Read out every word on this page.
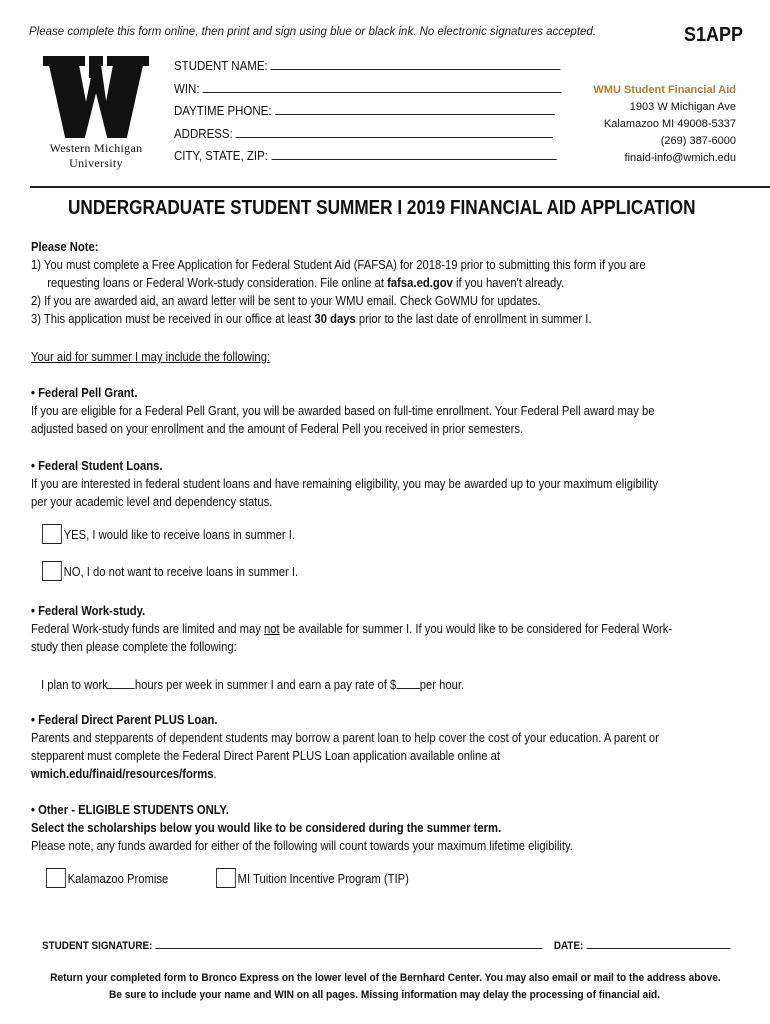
Please complete this form online, then print and sign using blue or black ink. No electronic signatures accepted.	S1APP
Western Michigan
University
STUDENT NAME:
WIN:
DAYTIME PHONE:
ADDRESS:
CITY, STATE, ZIP:
WMU Student Financial Aid
1903 W Michigan Ave
Kalamazoo MI 49008-5337
(269) 387-6000
finaid-info@wmich.edu
UNDERGRADUATE STUDENT SUMMER I 2019 FINANCIAL AID APPLICATION

Please Note:

1) You must complete a Free Application for Federal Student Aid (FAFSA) for 2018-19 prior to submitting this form if you are

requesting loans or Federal Work-study consideration. File online at fafsa.ed.gov if you haven't already.

2) If you are awarded aid, an award letter will be sent to your WMU email. Check GoWMU for updates.

3) This application must be received in our office at least 30 days prior to the last date of enrollment in summer I.

Your aid for summer I may include the following:

• Federal Pell Grant.

If you are eligible for a Federal Pell Grant, you will be awarded based on full-time enrollment. Your Federal Pell award may be

adjusted based on your enrollment and the amount of Federal Pell you received in prior semesters.

• Federal Student Loans.

If you are interested in federal student loans and have remaining eligibility, you may be awarded up to your maximum eligibility

per your academic level and dependency status.

YES, I would like to receive loans in summer I.
NO, I do not want to receive loans in summer I.

• Federal Work-study.

Federal Work-study funds are limited and may not be available for summer I. If you would like to be considered for Federal Work-

study then please complete the following:

I plan to work hours per week in summer I and earn a pay rate of $ per hour.

• Federal Direct Parent PLUS Loan.

Parents and stepparents of dependent students may borrow a parent loan to help cover the cost of your education. A parent or

stepparent must complete the Federal Direct Parent PLUS Loan application available online at

wmich.edu/finaid/resources/forms.

• Other - ELIGIBLE STUDENTS ONLY.

Select the scholarships below you would like to be considered during the summer term.

Please note, any funds awarded for either of the following will count towards your maximum lifetime eligibility.

Kalamazoo Promise	MI Tuition Incentive Program (TIP)
STUDENT SIGNATURE:	DATE:
Return your completed form to Bronco Express on the lower level of the Bernhard Center. You may also email or mail to the address above.
Be sure to include your name and WIN on all pages. Missing information may delay the processing of financial aid.
